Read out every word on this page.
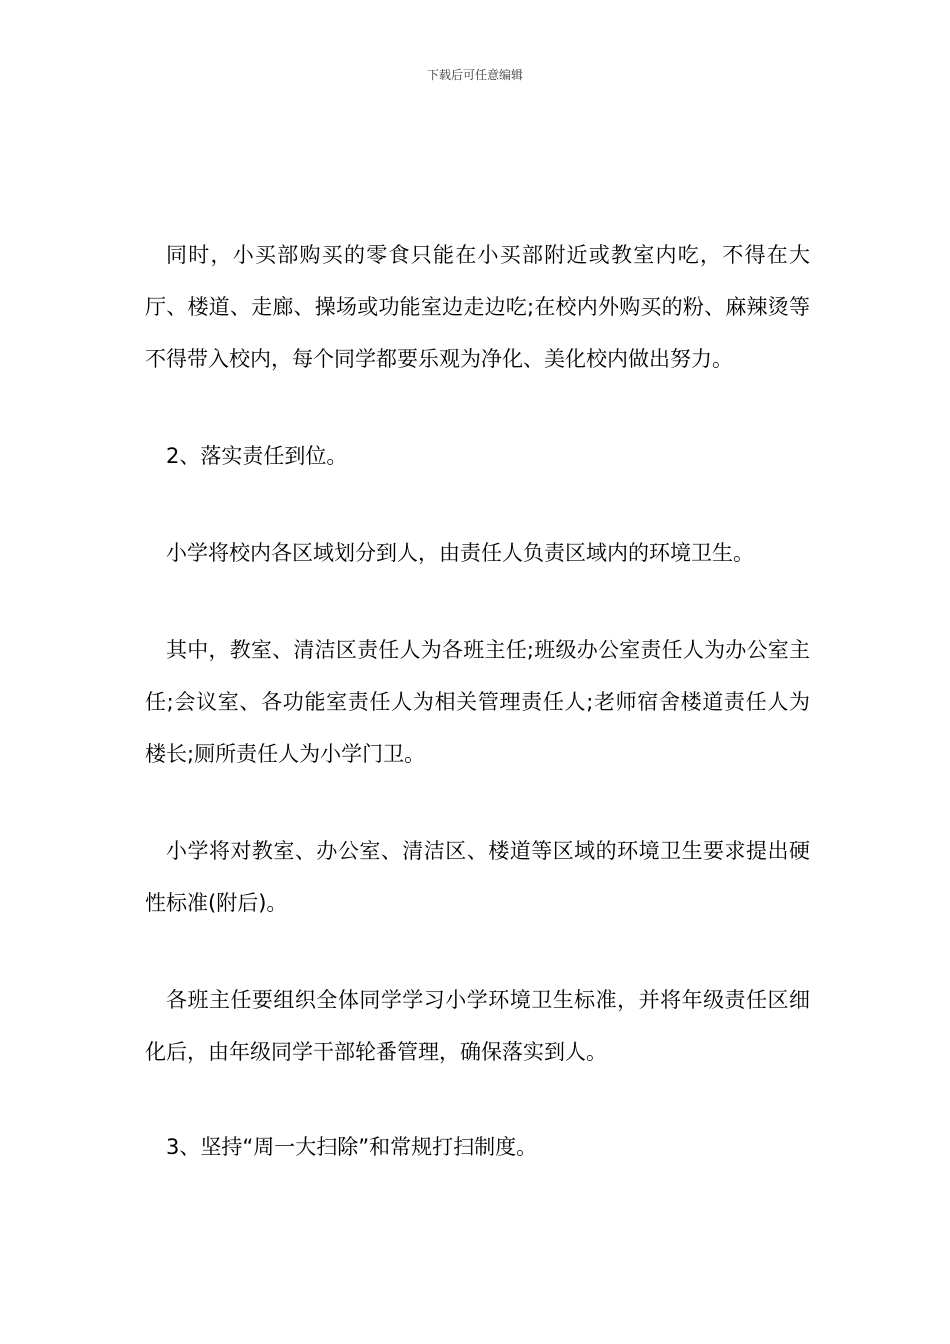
下载后可任意编辑

同时，小买部购买的零食只能在小买部附近或教室内吃，不得在大厅、楼道、走廊、操场或功能室边走边吃;在校内外购买的粉、麻辣烫等不得带入校内，每个同学都要乐观为净化、美化校内做出努力。

2、落实责任到位。

小学将校内各区域划分到人，由责任人负责区域内的环境卫生。

其中，教室、清洁区责任人为各班主任;班级办公室责任人为办公室主任;会议室、各功能室责任人为相关管理责任人;老师宿舍楼道责任人为楼长;厕所责任人为小学门卫。

小学将对教室、办公室、清洁区、楼道等区域的环境卫生要求提出硬性标准(附后)。

各班主任要组织全体同学学习小学环境卫生标准，并将年级责任区细化后，由年级同学干部轮番管理，确保落实到人。

3、坚持“周一大扫除”和常规打扫制度。
